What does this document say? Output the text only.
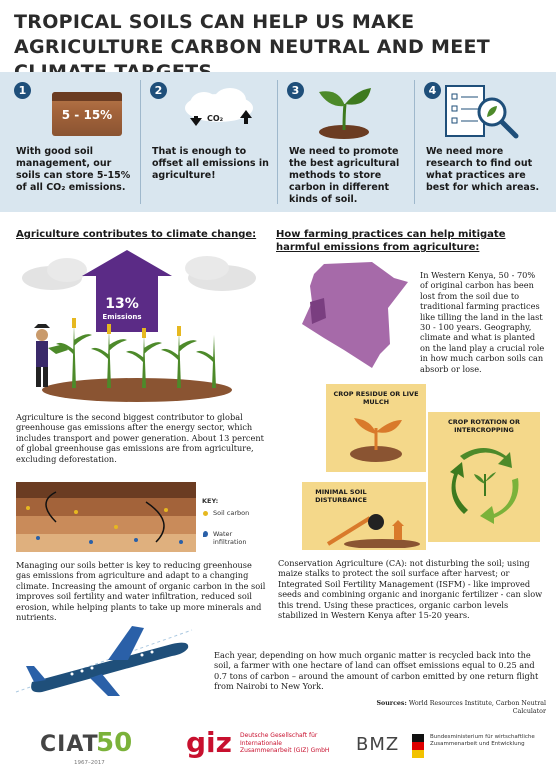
TROPICAL SOILS CAN HELP US MAKE AGRICULTURE CARBON NEUTRAL AND MEET
1
5 - 15%
With good soil management, our soils can store 5-15% of all CO₂ emissions.
2
CO₂
That is enough to offset all emissions in agriculture!
3
We need to promote the best agricultural methods to store carbon in different kinds of soil.
4
We need more research to find out what practices are best for which areas.
Agriculture contributes to climate change:
13%
Emissions
Agriculture is the second biggest contributor to global greenhouse gas emissions after the energy sector, which includes transport and power generation. About 13 percent of global greenhouse gas emissions are from agriculture, excluding deforestation.
KEY:
Soil carbon
Water infiltration
Managing our soils better is key to reducing greenhouse gas emissions from agriculture and adapt to a changing climate. Increasing the amount of organic carbon in the soil improves soil fertility and water infiltration, reduced soil erosion, while helping plants to take up more minerals and nutrients.
How farming practices can help mitigate harmful emissions from agriculture:
In Western Kenya, 50 - 70% of original carbon has been lost from the soil due to traditional farming practices like tilling the land in the last 30 - 100 years. Geography, climate and what is planted on the land play a crucial role in how much carbon soils can absorb or lose.
CROP RESIDUE OR LIVE MULCH
CROP ROTATION OR INTERCROPPING
MINIMAL SOIL DISTURBANCE
Conservation Agriculture (CA): not disturbing the soil; using maize stalks to protect the soil surface after harvest; or Integrated Soil Fertility Management (ISFM) - like improved seeds and combining organic and inorganic fertilizer - can slow this trend. Using these practices, organic carbon levels stabilized in Western Kenya after 15-20 years.
Each year, depending on how much organic matter is recycled back into the soil, a farmer with one hectare of land can offset emissions equal to 0.25 and 0.7 tons of carbon – around the amount of carbon emitted by one return flight from Nairobi to New York.
Sources: World Resources Institute, Carbon Neutral Calculator
CIAT
50
1967–2017
giz Deutsche Gesellschaft für Internationale Zusammenarbeit (GIZ) GmbH BMZ	Bundesministerium für wirtschaftliche Zusammenarbeit und Entwicklung
